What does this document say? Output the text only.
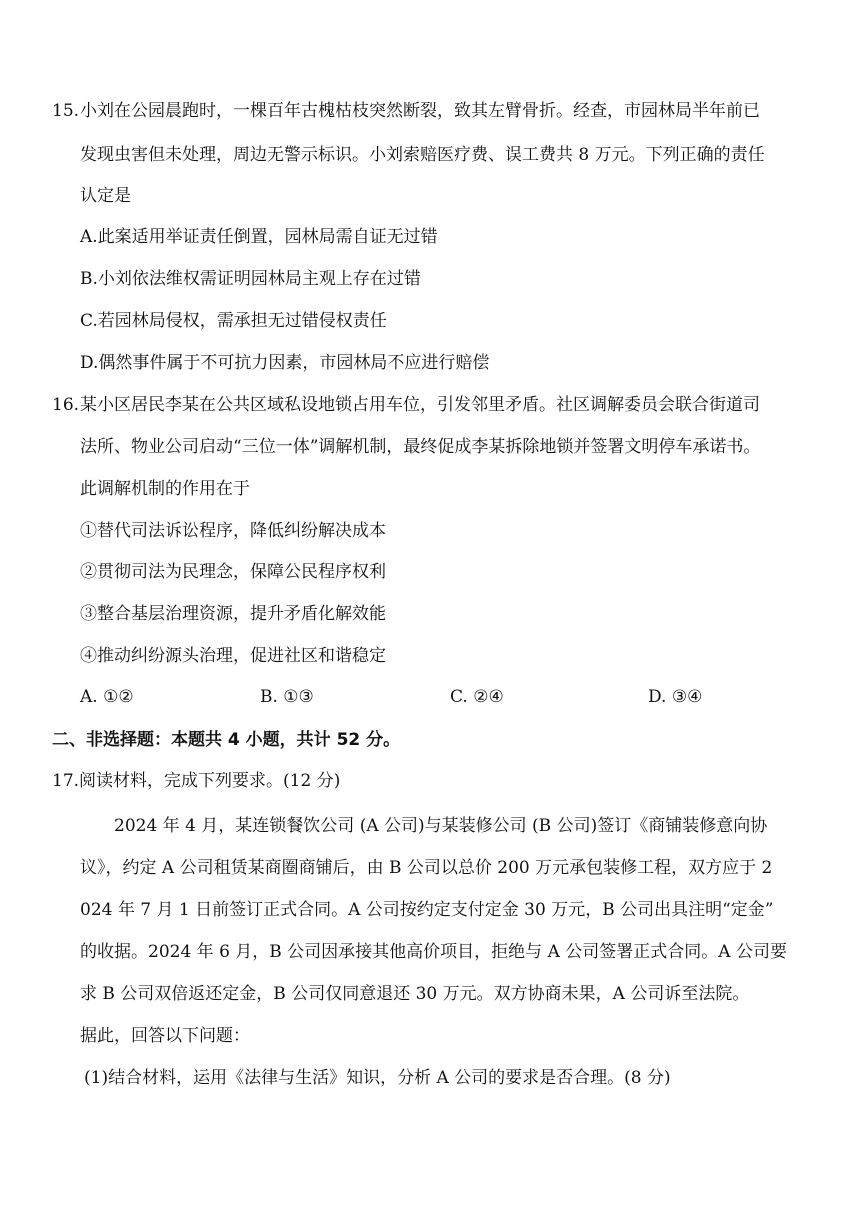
15. 小刘在公园晨跑时，一棵百年古槐枯枝突然断裂，致其左臂骨折。经查，市园林局半年前已
发现虫害但未处理，周边无警示标识。小刘索赔医疗费、误工费共 8 万元。下列正确的责任
认定是
A.此案适用举证责任倒置，园林局需自证无过错
B.小刘依法维权需证明园林局主观上存在过错
C.若园林局侵权，需承担无过错侵权责任
D.偶然事件属于不可抗力因素，市园林局不应进行赔偿
16. 某小区居民李某在公共区域私设地锁占用车位，引发邻里矛盾。社区调解委员会联合街道司
法所、物业公司启动“三位一体”调解机制，最终促成李某拆除地锁并签署文明停车承诺书。
此调解机制的作用在于
①替代司法诉讼程序，降低纠纷解决成本
②贯彻司法为民理念，保障公民程序权利
③整合基层治理资源，提升矛盾化解效能
④推动纠纷源头治理，促进社区和谐稳定
A. ①②	B. ①③	C. ②④	D. ③④
二、非选择题：本题共 4 小题，共计 52 分。
17.阅读材料，完成下列要求。(12 分)
2024 年 4 月，某连锁餐饮公司 (A 公司)与某装修公司 (B 公司)签订《商铺装修意向协
议》，约定 A 公司租赁某商圈商铺后，由 B 公司以总价 200 万元承包装修工程，双方应于 2
024 年 7 月 1 日前签订正式合同。A 公司按约定支付定金 30 万元，B 公司出具注明“定金”
的收据。2024 年 6 月，B 公司因承接其他高价项目，拒绝与 A 公司签署正式合同。A 公司要
求 B 公司双倍返还定金，B 公司仅同意退还 30 万元。双方协商未果，A 公司诉至法院。
据此，回答以下问题：
(1)结合材料，运用《法律与生活》知识，分析 A 公司的要求是否合理。(8 分)
